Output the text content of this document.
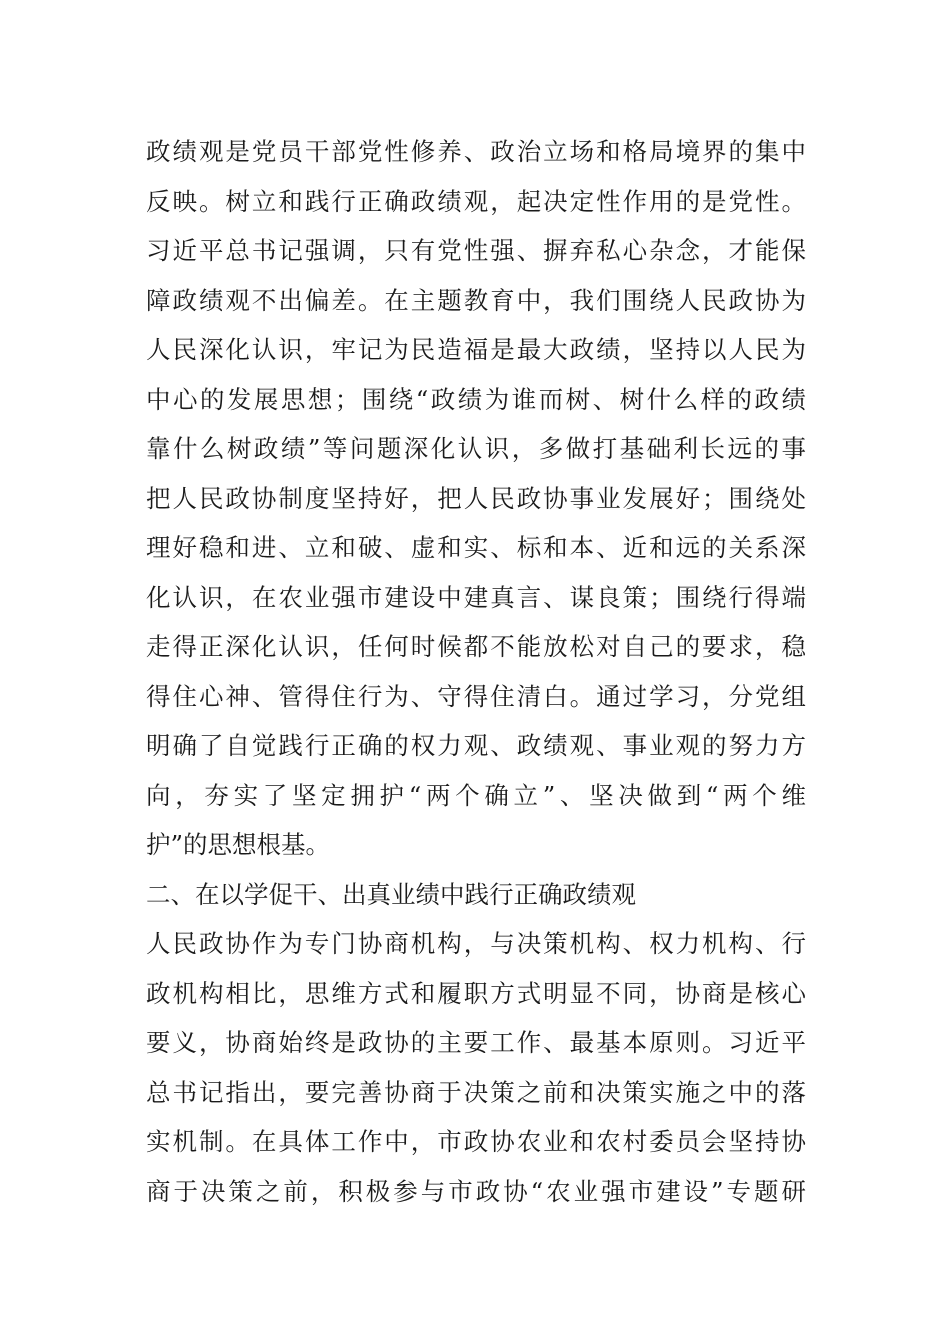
政绩观是党员干部党性修养、政治立场和格局境界的集中
反映。树立和践行正确政绩观，起决定性作用的是党性。
习近平总书记强调，只有党性强、摒弃私心杂念，才能保
障政绩观不出偏差。在主题教育中，我们围绕人民政协为
人民深化认识，牢记为民造福是最大政绩，坚持以人民为
中心的发展思想；围绕“政绩为谁而树、树什么样的政绩
靠什么树政绩”等问题深化认识，多做打基础利长远的事
把人民政协制度坚持好，把人民政协事业发展好；围绕处
理好稳和进、立和破、虚和实、标和本、近和远的关系深
化认识，在农业强市建设中建真言、谋良策；围绕行得端
走得正深化认识，任何时候都不能放松对自己的要求，稳
得住心神、管得住行为、守得住清白。通过学习，分党组
明确了自觉践行正确的权力观、政绩观、事业观的努力方
向，夯实了坚定拥护“两个确立”、坚决做到“两个维
护”的思想根基。
二、在以学促干、出真业绩中践行正确政绩观
人民政协作为专门协商机构，与决策机构、权力机构、行
政机构相比，思维方式和履职方式明显不同，协商是核心
要义，协商始终是政协的主要工作、最基本原则。习近平
总书记指出，要完善协商于决策之前和决策实施之中的落
实机制。在具体工作中，市政协农业和农村委员会坚持协
商于决策之前，积极参与市政协“农业强市建设”专题研
